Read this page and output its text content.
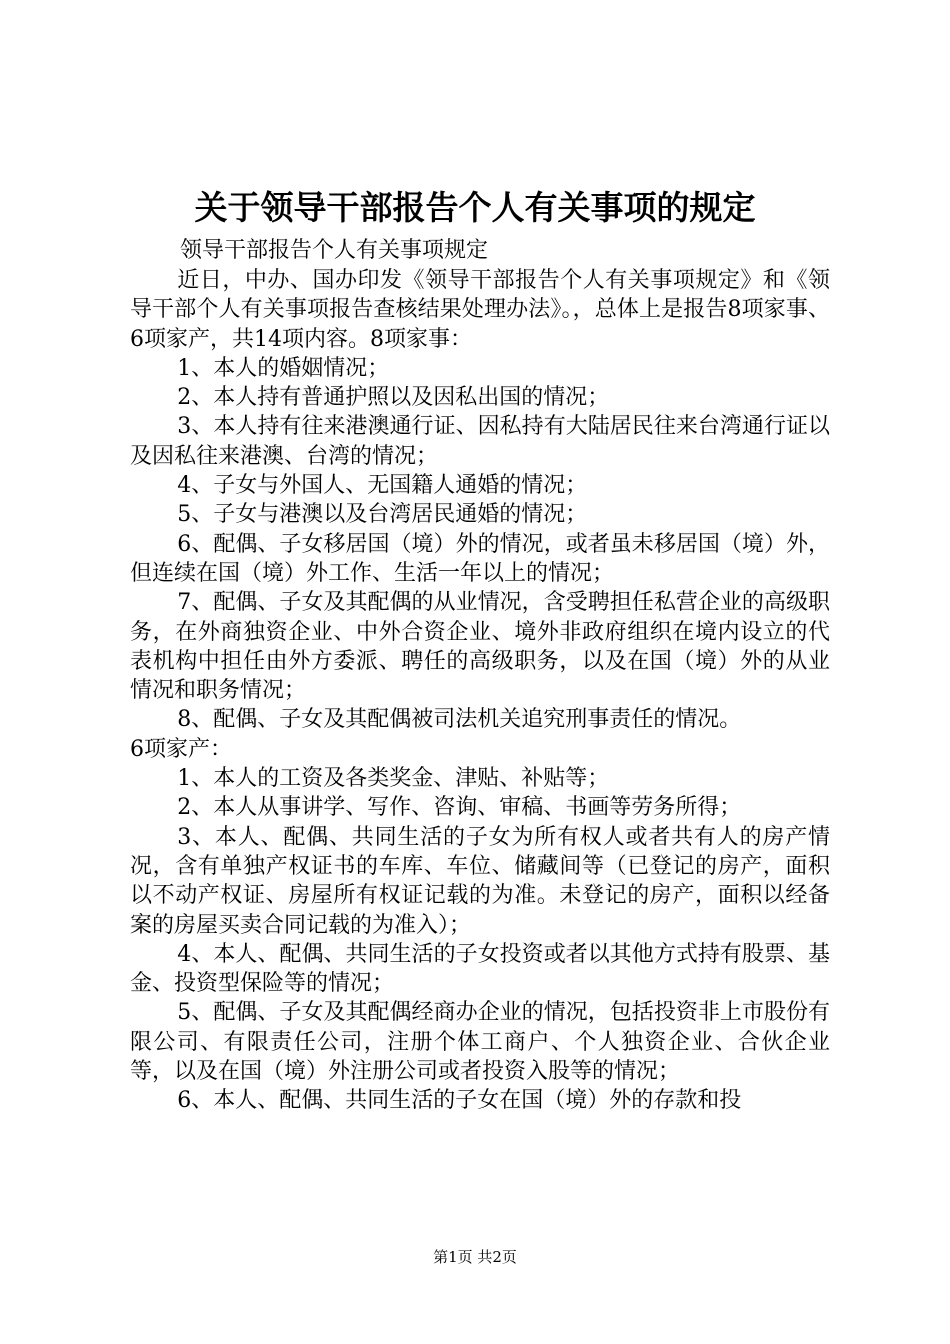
关于领导干部报告个人有关事项的规定
领导干部报告个人有关事项规定

近日，中办、国办印发《领导干部报告个人有关事项规定》和《领导干部个人有关事项报告查核结果处理办法》。，总体上是报告8项家事、6项家产，共14项内容。8项家事：

1、本人的婚姻情况；

2、本人持有普通护照以及因私出国的情况；

3、本人持有往来港澳通行证、因私持有大陆居民往来台湾通行证以及因私往来港澳、台湾的情况；

4、子女与外国人、无国籍人通婚的情况；

5、子女与港澳以及台湾居民通婚的情况；

6、配偶、子女移居国（境）外的情况，或者虽未移居国（境）外，但连续在国（境）外工作、生活一年以上的情况；

7、配偶、子女及其配偶的从业情况，含受聘担任私营企业的高级职务，在外商独资企业、中外合资企业、境外非政府组织在境内设立的代表机构中担任由外方委派、聘任的高级职务，以及在国（境）外的从业情况和职务情况；

8、配偶、子女及其配偶被司法机关追究刑事责任的情况。

6项家产：

1、本人的工资及各类奖金、津贴、补贴等；

2、本人从事讲学、写作、咨询、审稿、书画等劳务所得；

3、本人、配偶、共同生活的子女为所有权人或者共有人的房产情况，含有单独产权证书的车库、车位、储藏间等（已登记的房产，面积以不动产权证、房屋所有权证记载的为准。未登记的房产，面积以经备案的房屋买卖合同记载的为准入）；

4、本人、配偶、共同生活的子女投资或者以其他方式持有股票、基金、投资型保险等的情况；

5、配偶、子女及其配偶经商办企业的情况，包括投资非上市股份有限公司、有限责任公司，注册个体工商户、个人独资企业、合伙企业等，以及在国（境）外注册公司或者投资入股等的情况；

6、本人、配偶、共同生活的子女在国（境）外的存款和投

第1页 共2页
